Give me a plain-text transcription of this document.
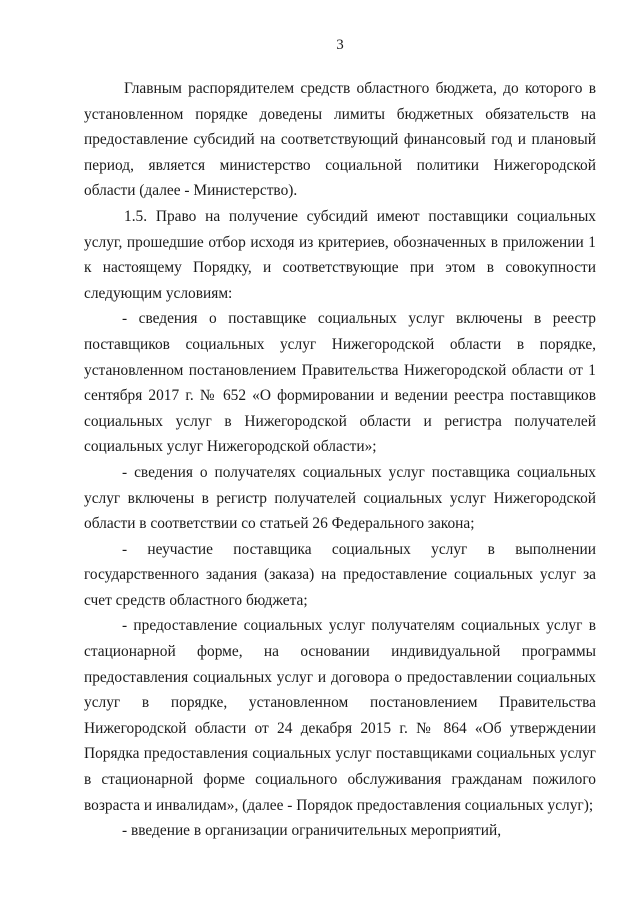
3

Главным распорядителем средств областного бюджета, до которого в установленном порядке доведены лимиты бюджетных обязательств на предоставление субсидий на соответствующий финансовый год и плановый период, является министерство социальной политики Нижегородской области (далее - Министерство).

1.5. Право на получение субсидий имеют поставщики социальных услуг, прошедшие отбор исходя из критериев, обозначенных в приложении 1 к настоящему Порядку, и соответствующие при этом в совокупности следующим условиям:

- сведения о поставщике социальных услуг включены в реестр поставщиков социальных услуг Нижегородской области в порядке, установленном постановлением Правительства Нижегородской области от 1 сентября 2017 г. № 652 «О формировании и ведении реестра поставщиков социальных услуг в Нижегородской области и регистра получателей социальных услуг Нижегородской области»;

- сведения о получателях социальных услуг поставщика социальных услуг включены в регистр получателей социальных услуг Нижегородской области в соответствии со статьей 26 Федерального закона;

- неучастие поставщика социальных услуг в выполнении государственного задания (заказа) на предоставление социальных услуг за счет средств областного бюджета;

- предоставление социальных услуг получателям социальных услуг в стационарной форме, на основании индивидуальной программы предоставления социальных услуг и договора о предоставлении социальных услуг в порядке, установленном постановлением Правительства Нижегородской области от 24 декабря 2015 г. № 864 «Об утверждении Порядка предоставления социальных услуг поставщиками социальных услуг в стационарной форме социального обслуживания гражданам пожилого возраста и инвалидам», (далее - Порядок предоставления социальных услуг);

- введение в организации ограничительных мероприятий,
